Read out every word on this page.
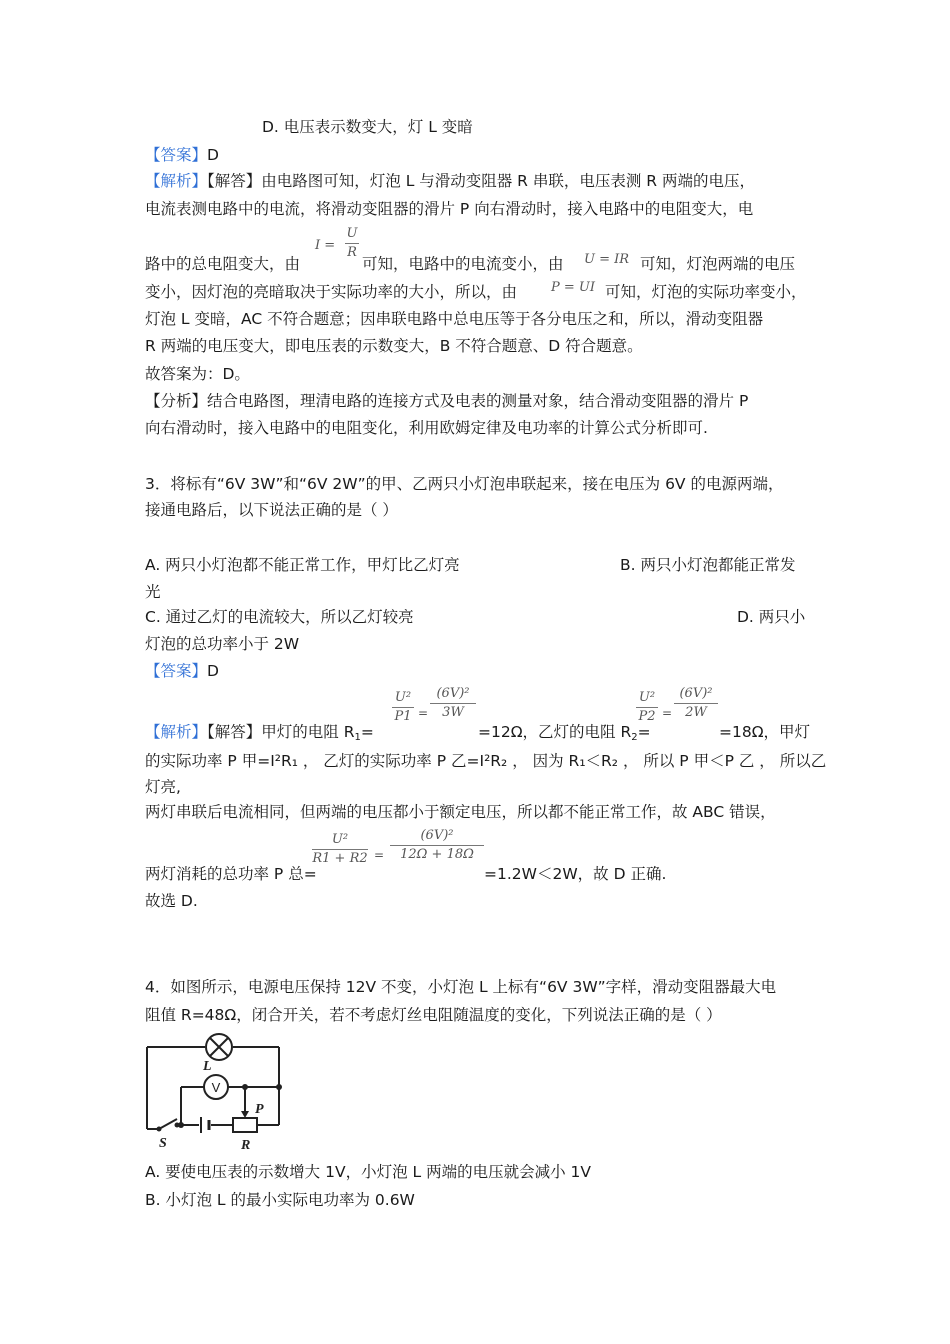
D. 电压表示数变大，灯 L 变暗
【答案】D
【解析】【解答】由电路图可知，灯泡 L 与滑动变阻器 R 串联，电压表测 R 两端的电压，
电流表测电路中的电流，将滑动变阻器的滑片 P 向右滑动时，接入电路中的电阻变大，电
路中的总电阻变大，由
I =
U
R
可知，电路中的电流变小，由 U = IR 可知，灯泡两端的电压
变小，因灯泡的亮暗取决于实际功率的大小，所以，由	P = UI 可知，灯泡的实际功率变小，
灯泡 L 变暗，AC 不符合题意；因串联电路中总电压等于各分电压之和，所以，滑动变阻器
R 两端的电压变大，即电压表的示数变大，B 不符合题意、D 符合题意。
故答案为：D。
【分析】结合电路图，理清电路的连接方式及电表的测量对象，结合滑动变阻器的滑片 P
向右滑动时，接入电路中的电阻变化，利用欧姆定律及电功率的计算公式分析即可.
3．将标有“6V 3W”和“6V 2W”的甲、乙两只小灯泡串联起来，接在电压为 6V 的电源两端，
接通电路后，以下说法正确的是（ ）
A. 两只小灯泡都不能正常工作，甲灯比乙灯亮	B. 两只小灯泡都能正常发
光
C. 通过乙灯的电流较大，所以乙灯较亮	D. 两只小
灯泡的总功率小于 2W
【答案】D
【解析】【解答】甲灯的电阻 $R_1=$
U²
P1 =
(6V)²
3W
=12Ω，乙灯的电阻 $R_2=$
U²
P2 =
(6V)²
2W
=18Ω，甲灯
的实际功率 P 甲=I²R₁ ， 乙灯的实际功率 P 乙=I²R₂ ， 因为 R₁＜R₂ ， 所以 P 甲＜P 乙 ， 所以乙
灯亮,
两灯串联后电流相同，但两端的电压都小于额定电压，所以都不能正常工作，故 ABC 错误，
两灯消耗的总功率 P 总=
U²
R1 + R2 =
(6V)²
12Ω + 18Ω
=1.2W＜2W，故 D 正确.
故选 D.
4．如图所示，电源电压保持 12V 不变，小灯泡 L 上标有“6V 3W”字样，滑动变阻器最大电
阻值 R=48Ω，闭合开关，若不考虑灯丝电阻随温度的变化，下列说法正确的是（ ）
V
L
P
S	R
A. 要使电压表的示数增大 1V，小灯泡 L 两端的电压就会减小 1V
B. 小灯泡 L 的最小实际电功率为 0.6W
